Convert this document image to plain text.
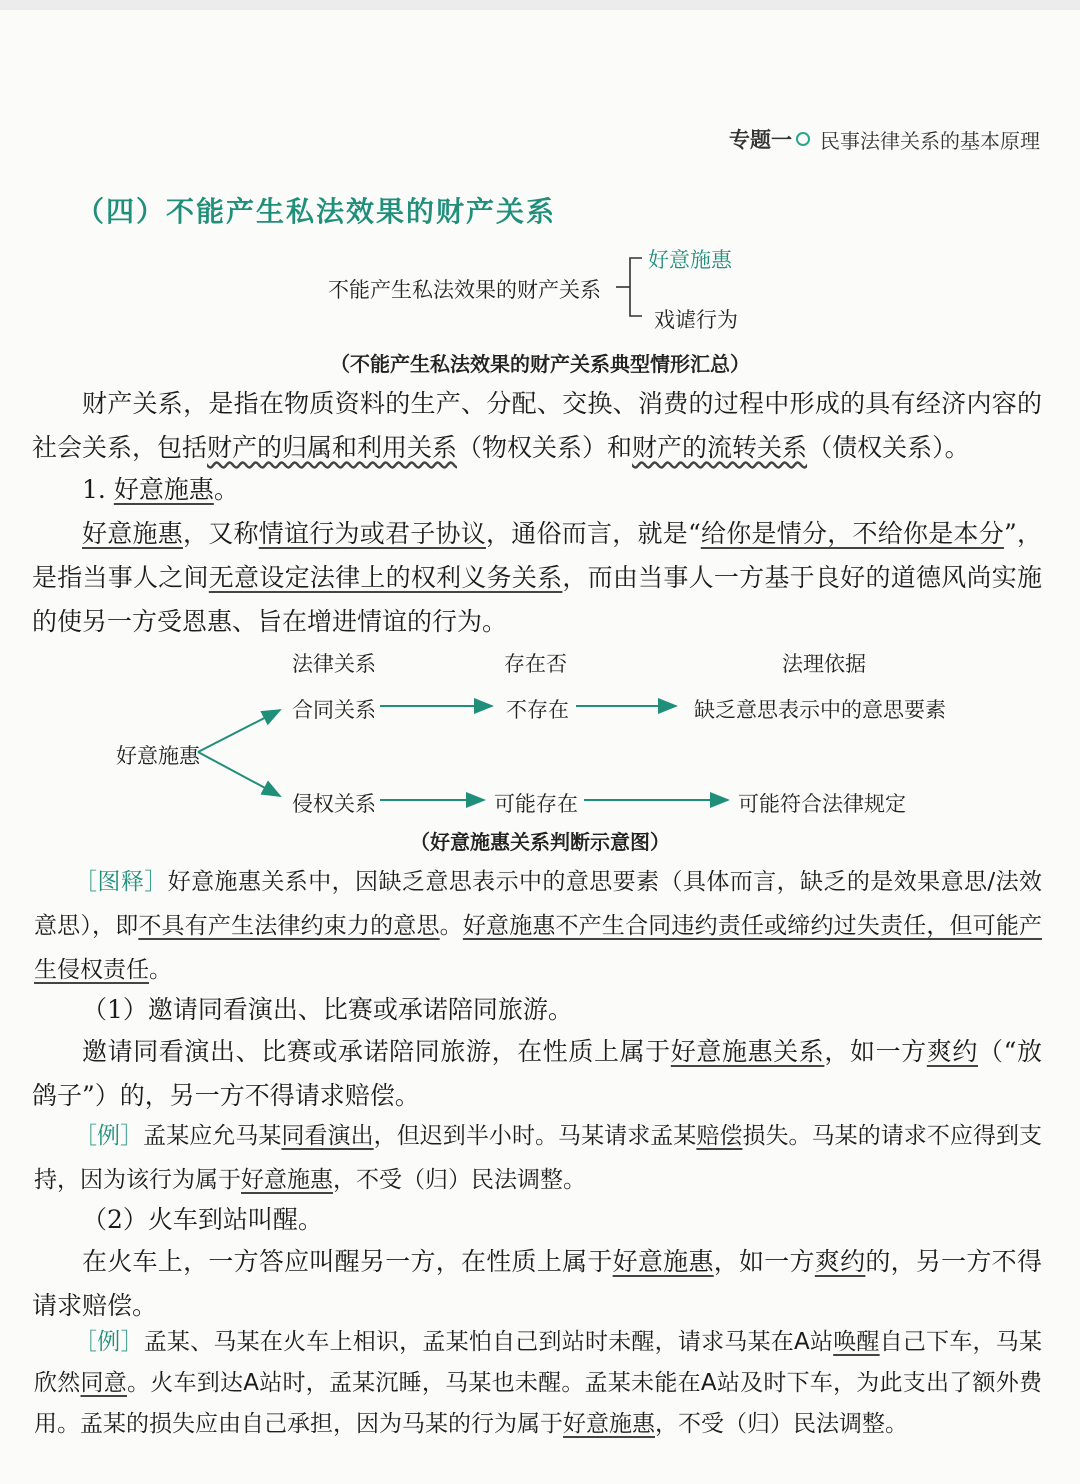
专题一 民事法律关系的基本原理
（四）不能产生私法效果的财产关系
不能产生私法效果的财产关系
好意施惠
戏谑行为
（不能产生私法效果的财产关系典型情形汇总）

财产关系，是指在物质资料的生产、分配、交换、消费的过程中形成的具有经济内容的社会关系，包括财产的归属和利用关系（物权关系）和财产的流转关系（债权关系）。

1. 好意施惠。

好意施惠，又称情谊行为或君子协议，通俗而言，就是“给你是情分，不给你是本分”，是指当事人之间无意设定法律上的权利义务关系，而由当事人一方基于良好的道德风尚实施的使另一方受恩惠、旨在增进情谊的行为。

法律关系	存在否	法理依据
好意施惠
合同关系	不存在	缺乏意思表示中的意思要素
侵权关系	可能存在	可能符合法律规定
（好意施惠关系判断示意图）

［图释］好意施惠关系中，因缺乏意思表示中的意思要素（具体而言，缺乏的是效果意思/法效意思），即不具有产生法律约束力的意思。好意施惠不产生合同违约责任或缔约过失责任，但可能产生侵权责任。

（1）邀请同看演出、比赛或承诺陪同旅游。

邀请同看演出、比赛或承诺陪同旅游，在性质上属于好意施惠关系，如一方爽约（“放鸽子”）的，另一方不得请求赔偿。

［例］孟某应允马某同看演出，但迟到半小时。马某请求孟某赔偿损失。马某的请求不应得到支持，因为该行为属于好意施惠，不受（归）民法调整。

（2）火车到站叫醒。

在火车上，一方答应叫醒另一方，在性质上属于好意施惠，如一方爽约的，另一方不得请求赔偿。

［例］孟某、马某在火车上相识，孟某怕自己到站时未醒，请求马某在A站唤醒自己下车，马某欣然同意。火车到达A站时，孟某沉睡，马某也未醒。孟某未能在A站及时下车，为此支出了额外费用。孟某的损失应由自己承担，因为马某的行为属于好意施惠，不受（归）民法调整。
